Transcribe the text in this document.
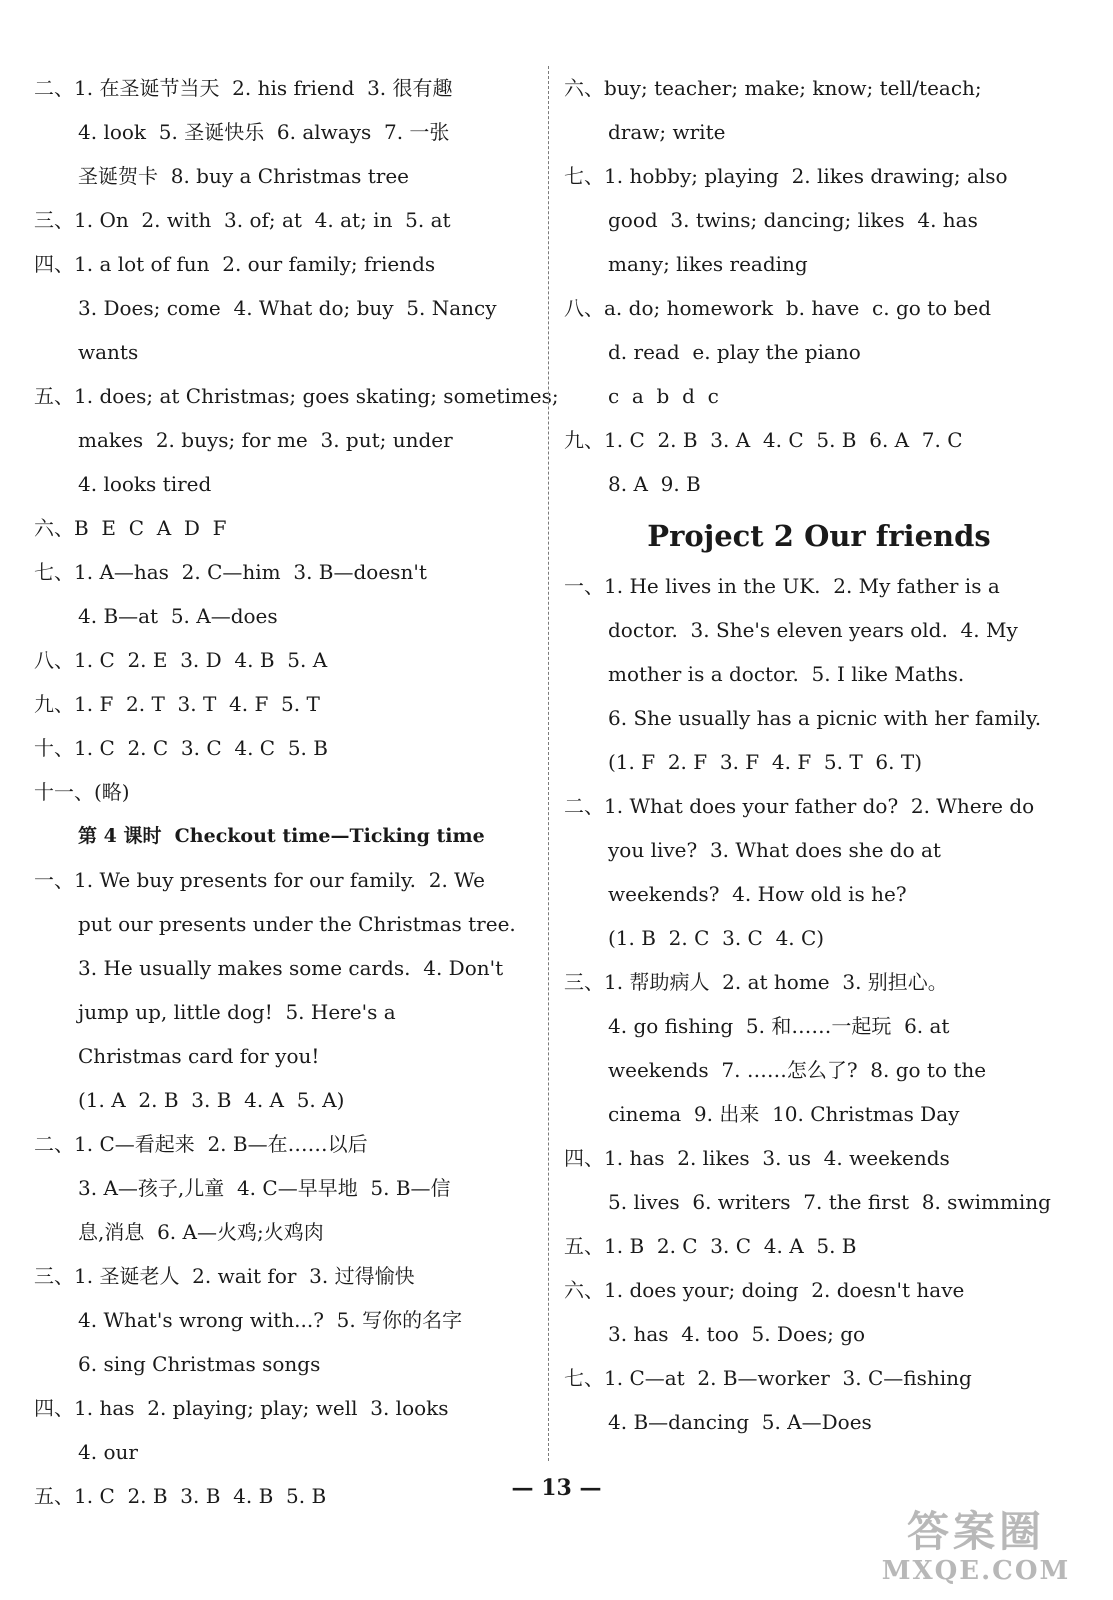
二、1. 在圣诞节当天  2. his friend  3. 很有趣
4. look  5. 圣诞快乐  6. always  7. 一张
圣诞贺卡  8. buy a Christmas tree
三、1. On  2. with  3. of; at  4. at; in  5. at
四、1. a lot of fun  2. our family; friends
3. Does; come  4. What do; buy  5. Nancy
wants
五、1. does; at Christmas; goes skating; sometimes;
makes  2. buys; for me  3. put; under
4. looks tired
六、B  E  C  A  D  F
七、1. A—has  2. C—him  3. B—doesn't
4. B—at  5. A—does
八、1. C  2. E  3. D  4. B  5. A
九、1. F  2. T  3. T  4. F  5. T
十、1. C  2. C  3. C  4. C  5. B
十一、(略)
第 4 课时  Checkout time—Ticking time
一、1. We buy presents for our family.  2. We
put our presents under the Christmas tree.
3. He usually makes some cards.  4. Don't
jump up, little dog!  5. Here's a
Christmas card for you!
(1. A  2. B  3. B  4. A  5. A)
二、1. C—看起来  2. B—在……以后
3. A—孩子,儿童  4. C—早早地  5. B—信
息,消息  6. A—火鸡;火鸡肉
三、1. 圣诞老人  2. wait for  3. 过得愉快
4. What's wrong with...?  5. 写你的名字
6. sing Christmas songs
四、1. has  2. playing; play; well  3. looks
4. our
五、1. C  2. B  3. B  4. B  5. B
六、buy; teacher; make; know; tell/teach;
draw; write
七、1. hobby; playing  2. likes drawing; also
good  3. twins; dancing; likes  4. has
many; likes reading
八、a. do; homework  b. have  c. go to bed
d. read  e. play the piano
c  a  b  d  c
九、1. C  2. B  3. A  4. C  5. B  6. A  7. C
8. A  9. B
Project 2 Our friends
一、1. He lives in the UK.  2. My father is a
doctor.  3. She's eleven years old.  4. My
mother is a doctor.  5. I like Maths.
6. She usually has a picnic with her family.
(1. F  2. F  3. F  4. F  5. T  6. T)
二、1. What does your father do?  2. Where do
you live?  3. What does she do at
weekends?  4. How old is he?
(1. B  2. C  3. C  4. C)
三、1. 帮助病人  2. at home  3. 别担心。
4. go fishing  5. 和……一起玩  6. at
weekends  7. ……怎么了?  8. go to the
cinema  9. 出来  10. Christmas Day
四、1. has  2. likes  3. us  4. weekends
5. lives  6. writers  7. the first  8. swimming
五、1. B  2. C  3. C  4. A  5. B
六、1. does your; doing  2. doesn't have
3. has  4. too  5. Does; go
七、1. C—at  2. B—worker  3. C—fishing
4. B—dancing  5. A—Does
— 13 —
答案圈
MXQE.COM
